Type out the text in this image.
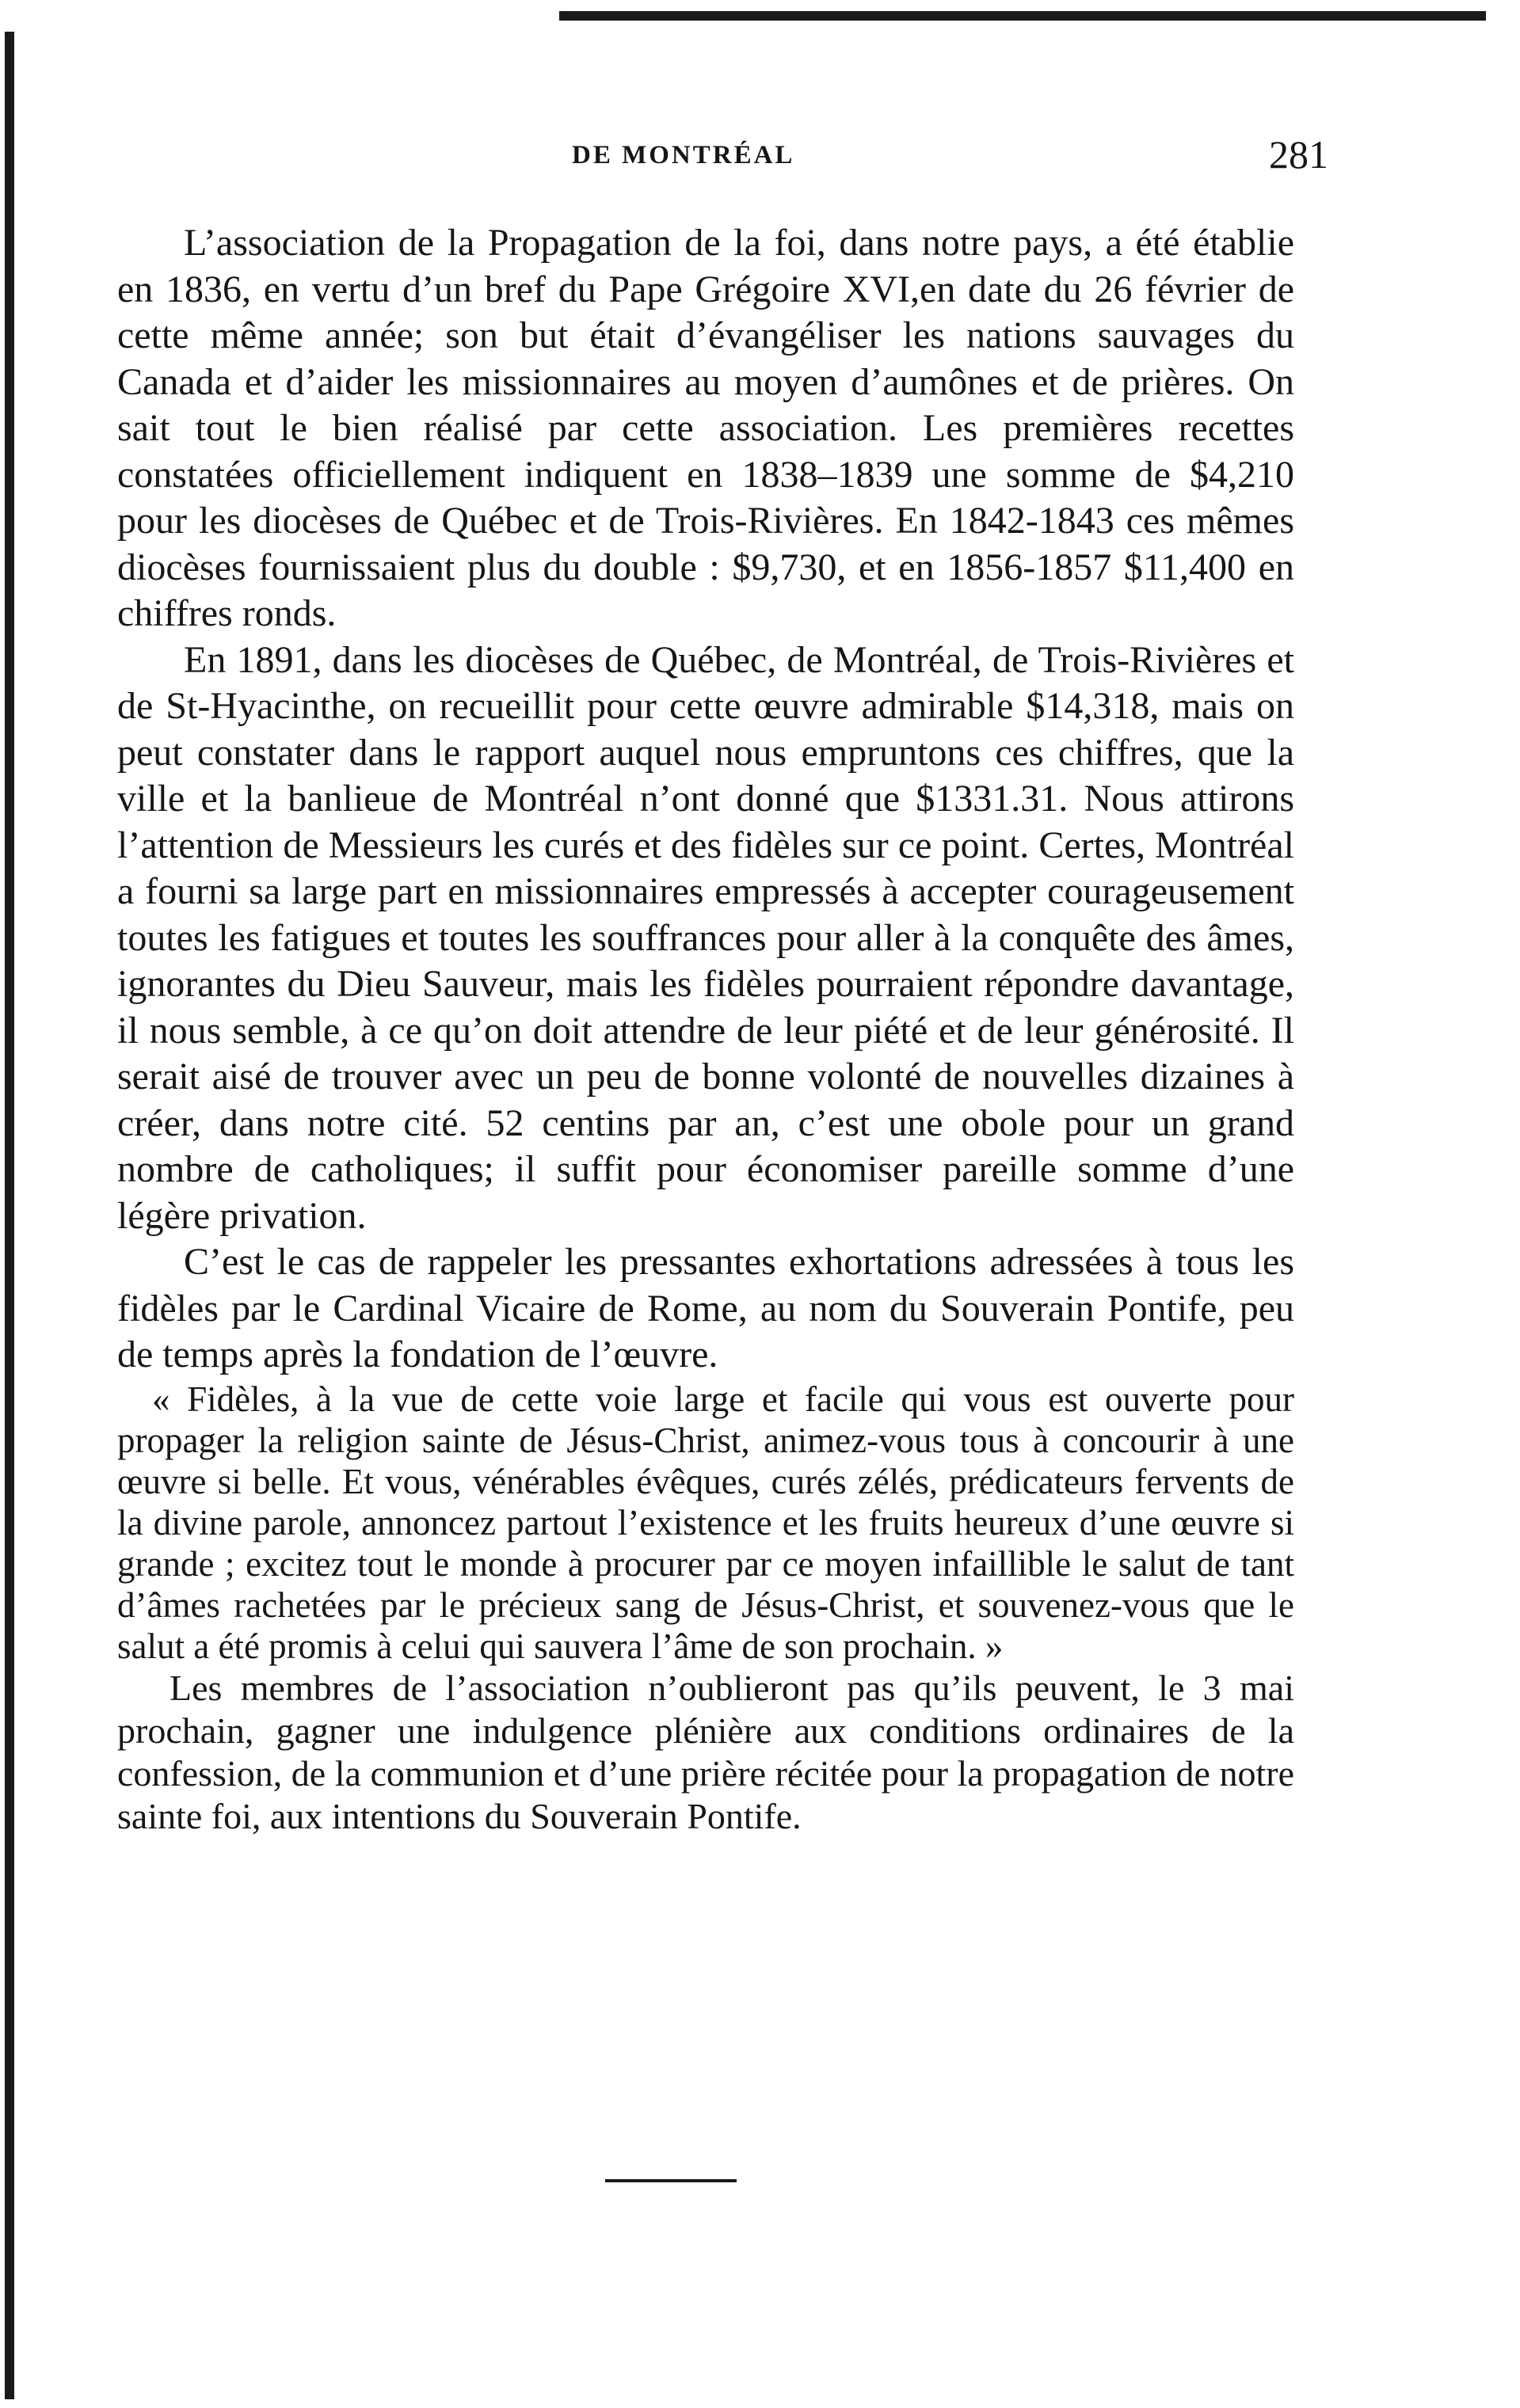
DE MONTRÉAL	281

L’association de la Propagation de la foi, dans notre pays, a été établie en 1836, en vertu d’un bref du Pape Grégoire XVI,en date du 26 février de cette même année; son but était d’évangéliser les nations sauvages du Canada et d’aider les missionnaires au moyen d’aumônes et de prières. On sait tout le bien réalisé par cette association. Les premières recettes constatées officiellement indiquent en 1838–1839 une somme de $4,210 pour les diocèses de Québec et de Trois-Rivières. En 1842-1843 ces mêmes diocèses fournissaient plus du double : $9,730, et en 1856-1857 $11,400 en chiffres ronds.

En 1891, dans les diocèses de Québec, de Montréal, de Trois-Rivières et de St-Hyacinthe, on recueillit pour cette œuvre admirable $14,318, mais on peut constater dans le rapport auquel nous empruntons ces chiffres, que la ville et la banlieue de Montréal n’ont donné que $1331.31. Nous attirons l’attention de Messieurs les curés et des fidèles sur ce point. Certes, Montréal a fourni sa large part en missionnaires empressés à accepter courageusement toutes les fatigues et toutes les souffrances pour aller à la conquête des âmes, ignorantes du Dieu Sauveur, mais les fidèles pourraient répondre davantage, il nous semble, à ce qu’on doit attendre de leur piété et de leur générosité. Il serait aisé de trouver avec un peu de bonne volonté de nouvelles dizaines à créer, dans notre cité. 52 centins par an, c’est une obole pour un grand nombre de catholiques; il suffit pour économiser pareille somme d’une légère privation.

C’est le cas de rappeler les pressantes exhortations adressées à tous les fidèles par le Cardinal Vicaire de Rome, au nom du Souverain Pontife, peu de temps après la fondation de l’œuvre.

« Fidèles, à la vue de cette voie large et facile qui vous est ouverte pour propager la religion sainte de Jésus-Christ, animez-vous tous à concourir à une œuvre si belle. Et vous, vénérables évêques, curés zélés, prédicateurs fervents de la divine parole, annoncez partout l’existence et les fruits heureux d’une œuvre si grande ; excitez tout le monde à procurer par ce moyen infaillible le salut de tant d’âmes rachetées par le précieux sang de Jésus-Christ, et souvenez-vous que le salut a été promis à celui qui sauvera l’âme de son prochain. »

Les membres de l’association n’oublieront pas qu’ils peuvent, le 3 mai prochain, gagner une indulgence plénière aux conditions ordinaires de la confession, de la communion et d’une prière récitée pour la propagation de notre sainte foi, aux intentions du Souverain Pontife.
